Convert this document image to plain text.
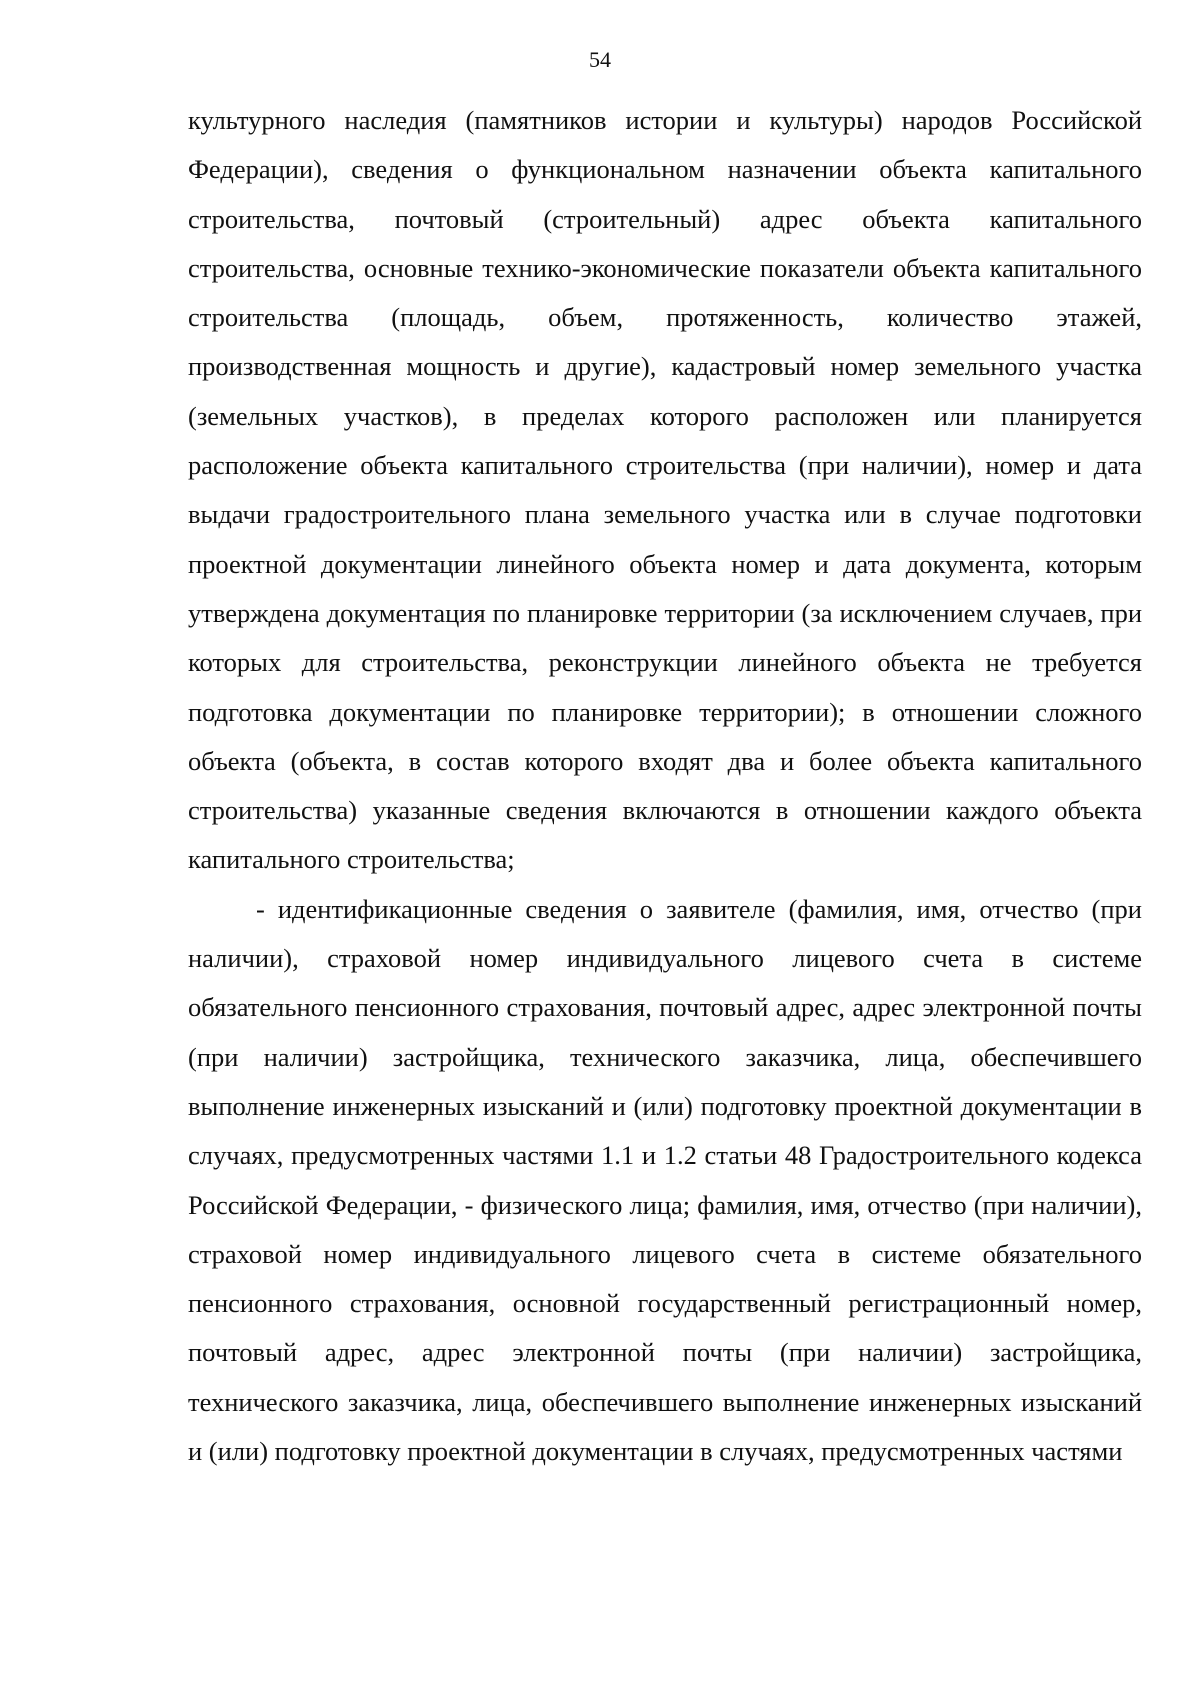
54

культурного наследия (памятников истории и культуры) народов Российской Федерации), сведения о функциональном назначении объекта капитального строительства, почтовый (строительный) адрес объекта капитального строительства, основные технико-экономические показатели объекта капитального строительства (площадь, объем, протяженность, количество этажей, производственная мощность и другие), кадастровый номер земельного участка (земельных участков), в пределах которого расположен или планируется расположение объекта капитального строительства (при наличии), номер и дата выдачи градостроительного плана земельного участка или в случае подготовки проектной документации линейного объекта номер и дата документа, которым утверждена документация по планировке территории (за исключением случаев, при которых для строительства, реконструкции линейного объекта не требуется подготовка документации по планировке территории); в отношении сложного объекта (объекта, в состав которого входят два и более объекта капитального строительства) указанные сведения включаются в отношении каждого объекта капитального строительства;

- идентификационные сведения о заявителе (фамилия, имя, отчество (при наличии), страховой номер индивидуального лицевого счета в системе обязательного пенсионного страхования, почтовый адрес, адрес электронной почты (при наличии) застройщика, технического заказчика, лица, обеспечившего выполнение инженерных изысканий и (или) подготовку проектной документации в случаях, предусмотренных частями 1.1 и 1.2 статьи 48 Градостроительного кодекса Российской Федерации, - физического лица; фамилия, имя, отчество (при наличии), страховой номер индивидуального лицевого счета в системе обязательного пенсионного страхования, основной государственный регистрационный номер, почтовый адрес, адрес электронной почты (при наличии) застройщика, технического заказчика, лица, обеспечившего выполнение инженерных изысканий и (или) подготовку проектной документации в случаях, предусмотренных частями
